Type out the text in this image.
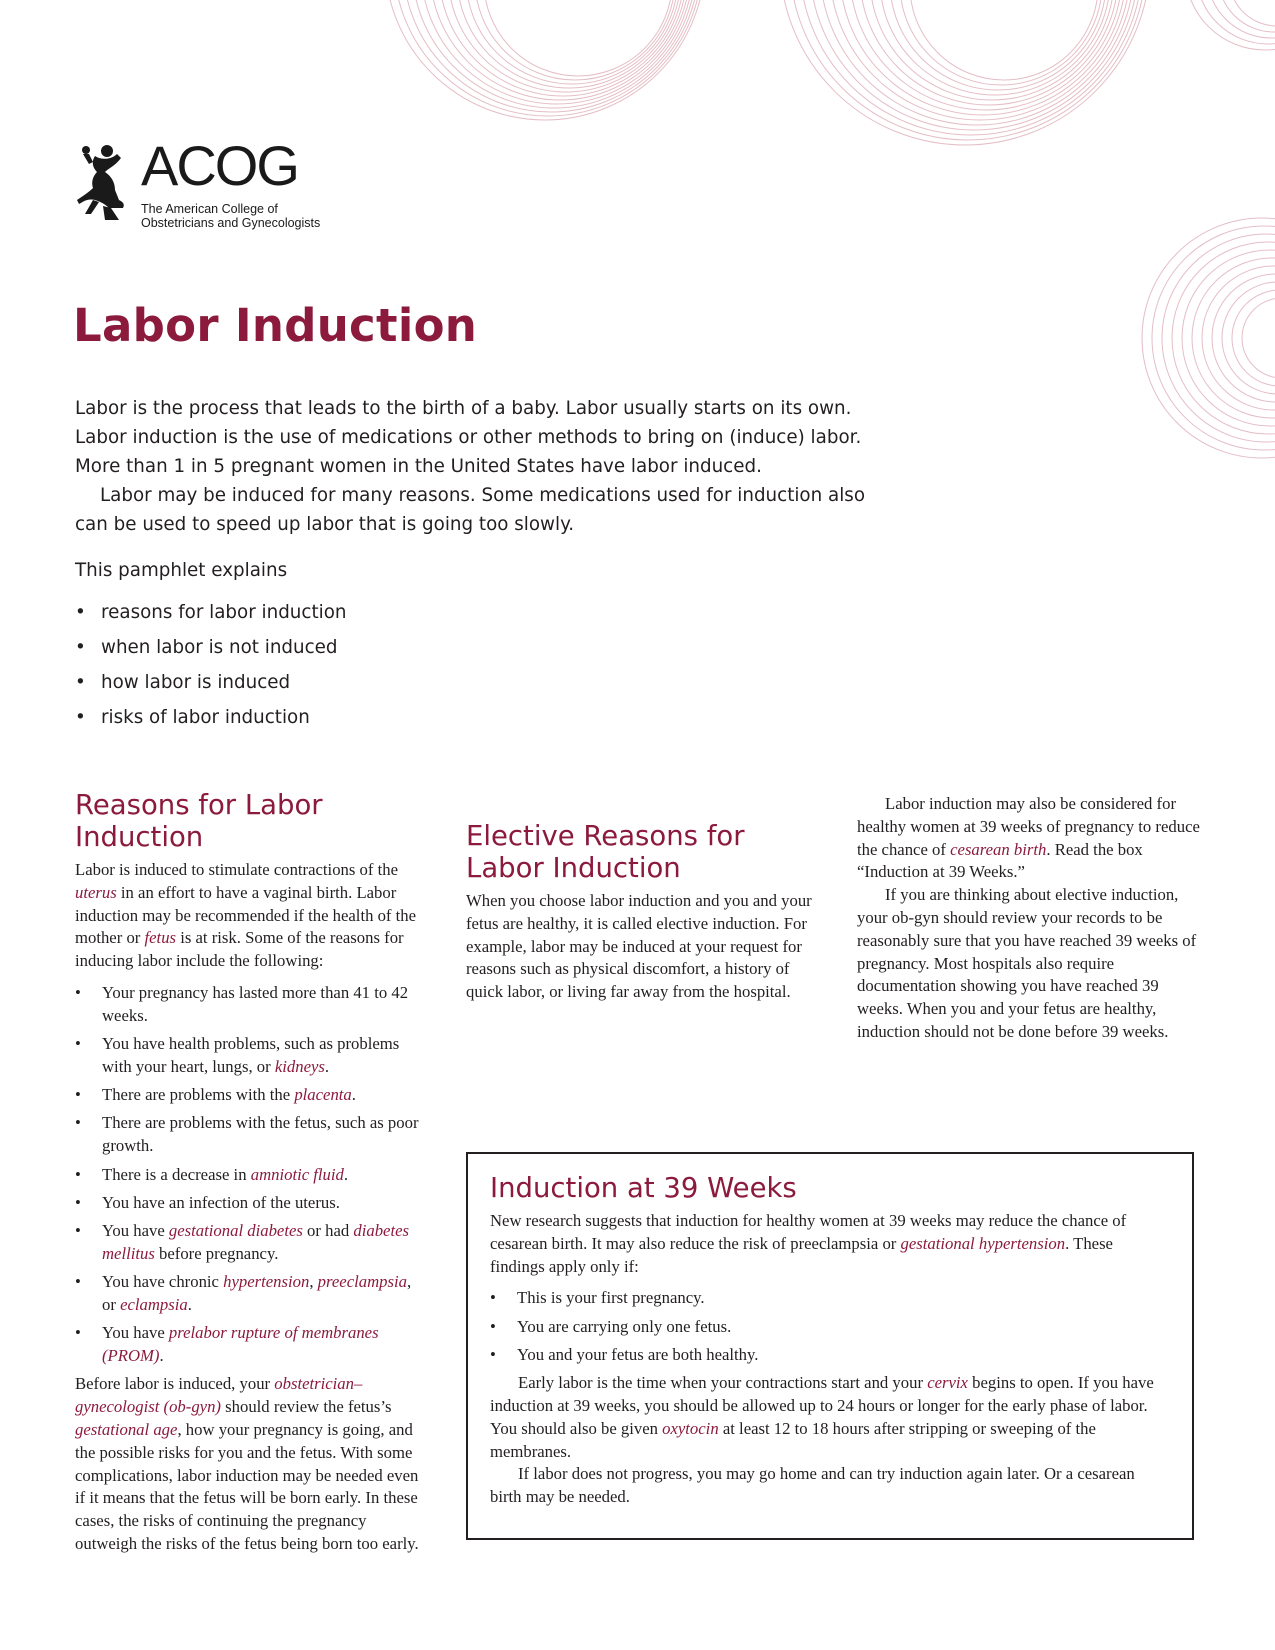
ACOG
The American College of
Obstetricians and Gynecologists
Labor Induction

Labor is the process that leads to the birth of a baby. Labor usually starts on its own. Labor induction is the use of medications or other methods to bring on (induce) labor. More than 1 in 5 pregnant women in the United States have labor induced.

Labor may be induced for many reasons. Some medications used for induction also can be used to speed up labor that is going too slowly.

This pamphlet explains

• reasons for labor induction
• when labor is not induced
• how labor is induced
• risks of labor induction
Reasons for Labor Induction

Labor is induced to stimulate contractions of the uterus in an effort to have a vaginal birth. Labor induction may be recommended if the health of the mother or fetus is at risk. Some of the reasons for inducing labor include the following:

• Your pregnancy has lasted more than 41 to 42 weeks.
• You have health problems, such as problems with your heart, lungs, or kidneys.
• There are problems with the placenta.
• There are problems with the fetus, such as poor growth.
• There is a decrease in amniotic fluid.
• You have an infection of the uterus.
• You have gestational diabetes or had diabetes mellitus before pregnancy.
• You have chronic hypertension, preeclampsia, or eclampsia.
• You have prelabor rupture of membranes (PROM).

Before labor is induced, your obstetrician–gynecologist (ob-gyn) should review the fetus’s gestational age, how your pregnancy is going, and the possible risks for you and the fetus. With some complications, labor induction may be needed even if it means that the fetus will be born early. In these cases, the risks of continuing the pregnancy outweigh the risks of the fetus being born too early.

Elective Reasons for Labor Induction

When you choose labor induction and you and your fetus are healthy, it is called elective induction. For example, labor may be induced at your request for reasons such as physical discomfort, a history of quick labor, or living far away from the hospital.

Labor induction may also be considered for healthy women at 39 weeks of pregnancy to reduce the chance of cesarean birth. Read the box “Induction at 39 Weeks.”

If you are thinking about elective induction, your ob-gyn should review your records to be reasonably sure that you have reached 39 weeks of pregnancy. Most hospitals also require documentation showing you have reached 39 weeks. When you and your fetus are healthy, induction should not be done before 39 weeks.

Induction at 39 Weeks

New research suggests that induction for healthy women at 39 weeks may reduce the chance of cesarean birth. It may also reduce the risk of preeclampsia or gestational hypertension. These findings apply only if:

• This is your first pregnancy.
• You are carrying only one fetus.
• You and your fetus are both healthy.

Early labor is the time when your contractions start and your cervix begins to open. If you have induction at 39 weeks, you should be allowed up to 24 hours or longer for the early phase of labor. You should also be given oxytocin at least 12 to 18 hours after stripping or sweeping of the membranes.

If labor does not progress, you may go home and can try induction again later. Or a cesarean birth may be needed.
